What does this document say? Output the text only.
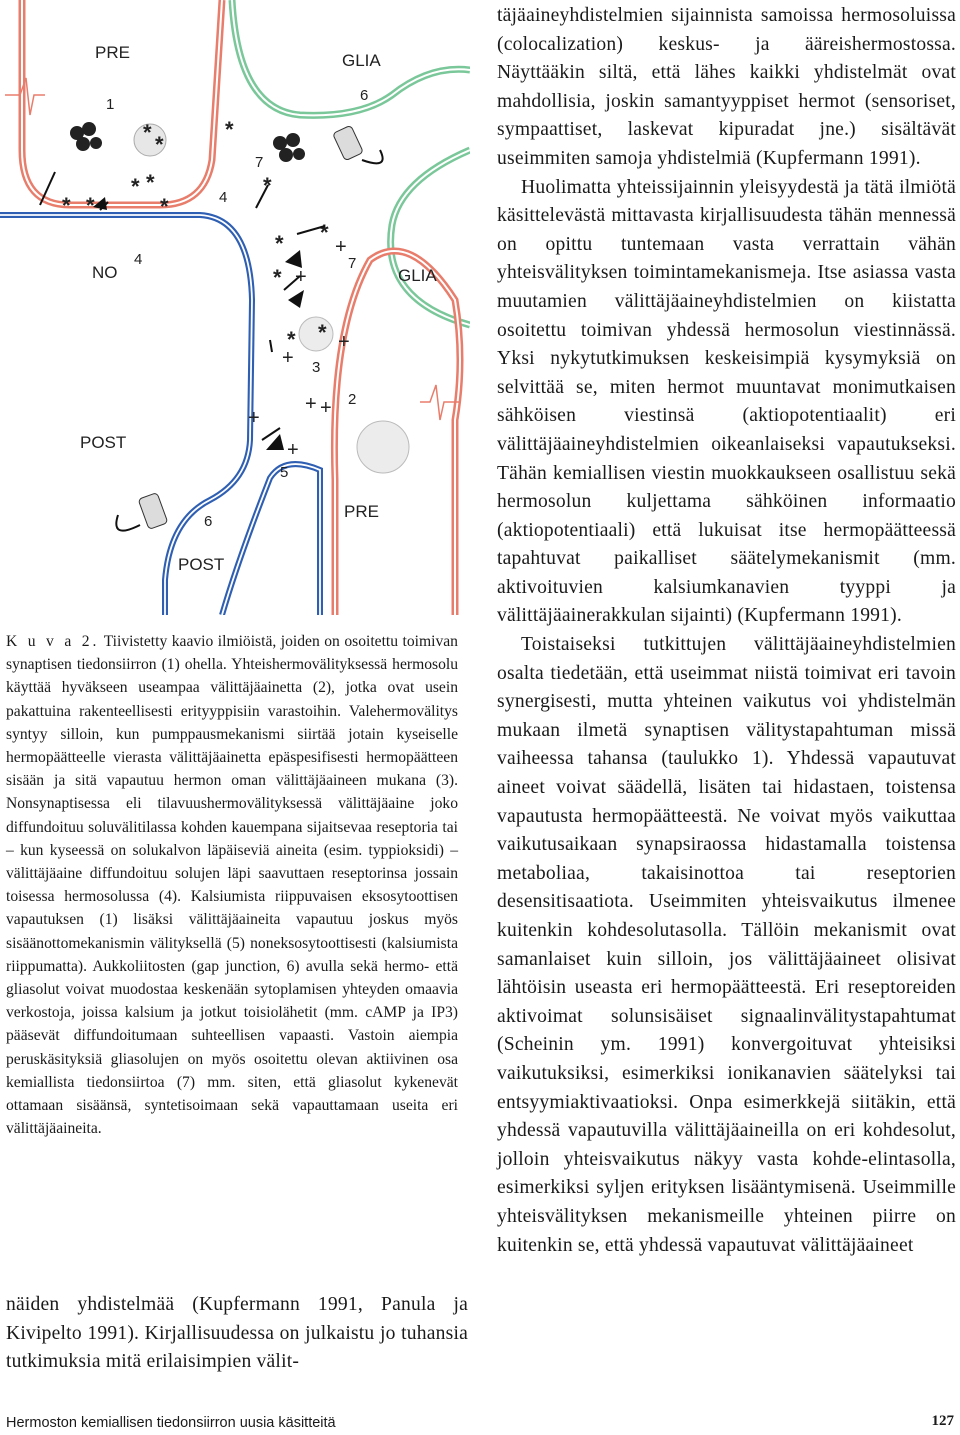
* *
* *
* *
*
*
*
*
*
*
* *
+
+
+
+
+ +
+
+
PRE	GLIA
GLIA
POST
POST
PRE
NO
1
2
3
4
4
5
6
6
7
7
K u v a 2. Tiivistetty kaavio ilmiöistä, joiden on osoitettu toimivan synaptisen tiedonsiirron (1) ohella. Yhteishermovälityksessä hermosolu käyttää hyväkseen useampaa välittäjäainetta (2), jotka ovat usein pakattuina rakenteellisesti erityyppisiin varastoihin. Valehermovälitys syntyy silloin, kun pumppausmekanismi siirtää jotain kyseiselle hermopäätteelle vierasta välittäjäainetta epäspesifisesti hermopäätteen sisään ja sitä vapautuu hermon oman välittäjäaineen mukana (3). Nonsynaptisessa eli tilavuushermovälityksessä välittäjäaine joko diffundoituu soluvälitilassa kohden kauempana sijaitsevaa reseptoria tai – kun kyseessä on solukalvon läpäiseviä aineita (esim. typpioksidi) – välittäjäaine diffundoituu solujen läpi saavuttaen reseptorinsa jossain toisessa hermosolussa (4). Kalsiumista riippuvaisen eksosytoottisen vapautuksen (1) lisäksi välittäjäaineita vapautuu joskus myös sisäänottomekanismin välityksellä (5) noneksosytoottisesti (kalsiumista riippumatta). Aukkoliitosten (gap junction, 6) avulla sekä hermo- että gliasolut voivat muodostaa keskenään sytoplamisen yhteyden omaavia verkostoja, joissa kalsium ja jotkut toisiolähetit (mm. cAMP ja IP3) pääsevät diffundoitumaan suhteellisen vapaasti. Vastoin aiempia peruskäsityksiä gliasolujen on myös osoitettu olevan aktiivinen osa kemiallista tiedonsiirtoa (7) mm. siten, että gliasolut kykenevät ottamaan sisäänsä, syntetisoimaan sekä vapauttamaan useita eri välittäjäaineita.
näiden yhdistelmää (Kupfermann 1991, Panula ja Kivipelto 1991). Kirjallisuudessa on julkaistu jo tuhansia tutkimuksia mitä erilaisimpien välit-

täjäaineyhdistelmien sijainnista samoissa hermosoluissa (colocalization) keskus- ja ääreishermostossa. Näyttääkin siltä, että lähes kaikki yhdistelmät ovat mahdollisia, joskin samantyyppiset hermot (sensoriset, sympaattiset, laskevat kipuradat jne.) sisältävät useimmiten samoja yhdistelmiä (Kupfermann 1991).

Huolimatta yhteissijainnin yleisyydestä ja tätä ilmiötä käsittelevästä mittavasta kirjallisuudesta tähän mennessä on opittu tuntemaan vasta verrattain vähän yhteisvälityksen toimintamekanismeja. Itse asiassa vasta muutamien välittäjäaineyhdistelmien on kiistatta osoitettu toimivan yhdessä hermosolun viestinnässä. Yksi nykytutkimuksen keskeisimpiä kysymyksiä on selvittää se, miten hermot muuntavat monimutkaisen sähköisen viestinsä (aktiopotentiaalit) eri välittäjäaineyhdistelmien oikeanlaiseksi vapautukseksi. Tähän kemiallisen viestin muokkaukseen osallistuu sekä hermosolun kuljettama sähköinen informaatio (aktiopotentiaali) että lukuisat itse hermopäätteessä tapahtuvat paikalliset säätelymekanismit (mm. aktivoituvien kalsiumkanavien tyyppi ja välittäjäainerakkulan sijainti) (Kupfermann 1991).

Toistaiseksi tutkittujen välittäjäaineyhdistelmien osalta tiedetään, että useimmat niistä toimivat eri tavoin synergisesti, mutta yhteinen vaikutus voi yhdistelmän mukaan ilmetä synaptisen välitystapahtuman missä vaiheessa tahansa (taulukko 1). Yhdessä vapautuvat aineet voivat säädellä, lisäten tai hidastaen, toistensa vapautusta hermopäätteestä. Ne voivat myös vaikuttaa vaikutusaikaan synapsiraossa hidastamalla toistensa metaboliaa, takaisinottoa tai reseptorien desensitisaatiota. Useimmiten yhteisvaikutus ilmenee kuitenkin kohdesolutasolla. Tällöin mekanismit ovat samanlaiset kuin silloin, jos välittäjäaineet olisivat lähtöisin useasta eri hermopäätteestä. Eri reseptoreiden aktivoimat solunsisäiset signaalinvälitystapahtumat (Scheinin ym. 1991) konvergoituvat yhteisiksi vaikutuksiksi, esimerkiksi ionikanavien säätelyksi tai entsyymiaktivaatioksi. Onpa esimerkkejä siitäkin, että yhdessä vapautuvilla välittäjäaineilla on eri kohdesolut, jolloin yhteisvaikutus näkyy vasta kohde-elintasolla, esimerkiksi syljen erityksen lisääntymisenä. Useimmille yhteisvälityksen mekanismeille yhteinen piirre on kuitenkin se, että yhdessä vapautuvat välittäjäaineet

Hermoston kemiallisen tiedonsiirron uusia käsitteitä	127
